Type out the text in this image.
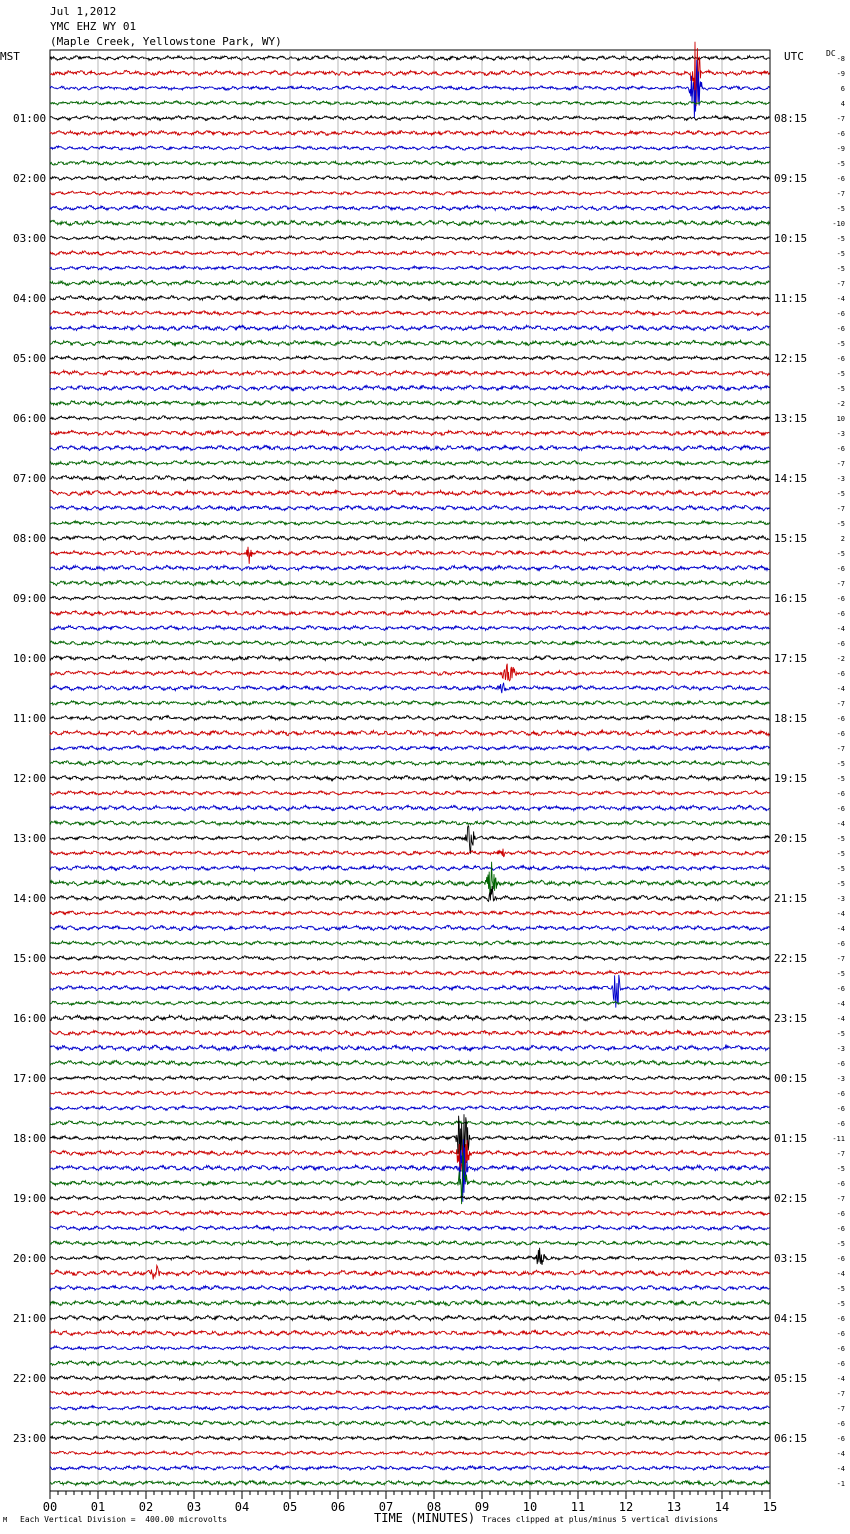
Jul 1,2012
YMC EHZ WY 01
(Maple Creek, Yellowstone Park, WY)
MST	UTC	DC
-8
-9
6
4
-7
-6
-9
-5
-6
-7
-5
-10
-5
-5
-5
-7
-4
-6
-6
-5
-6
-5
-5
-2
10
-3
-6
-7
-3
-5
-7
-5
2
-5
-6
-7
-6
-6
-4
-6
-2
-6
-4
-7
-6
-6
-7
-5
-5
-6
-6
-4
-5
-5
-5
-5
-3
-4
-4
-6
-7
-5
-6
-4
-4
-5
-3
-6
-3
-6
-6
-6
-11
-7
-5
-6
-7
-6
-6
-5
-6
-4
-5
-5
-6
-6
-6
-6
-4
-7
-7
-6
-6
-4
-4
-1
01:00	08:15
02:00	09:15
03:00	10:15
04:00	11:15
05:00	12:15
06:00	13:15
07:00	14:15
08:00	15:15
09:00	16:15
10:00	17:15
11:00	18:15
12:00	19:15
13:00	20:15
14:00	21:15
15:00	22:15
16:00	23:15
17:00	00:15
18:00	01:15
19:00	02:15
20:00	03:15
21:00	04:15
22:00	05:15
23:00	06:15
00	01	02	03	04	05	06	07	08	09	10	11	12	13	14	15
M Each Vertical Division =  400.00 microvolts	TIME (MINUTES) Traces clipped at plus/minus 5 vertical divisions
